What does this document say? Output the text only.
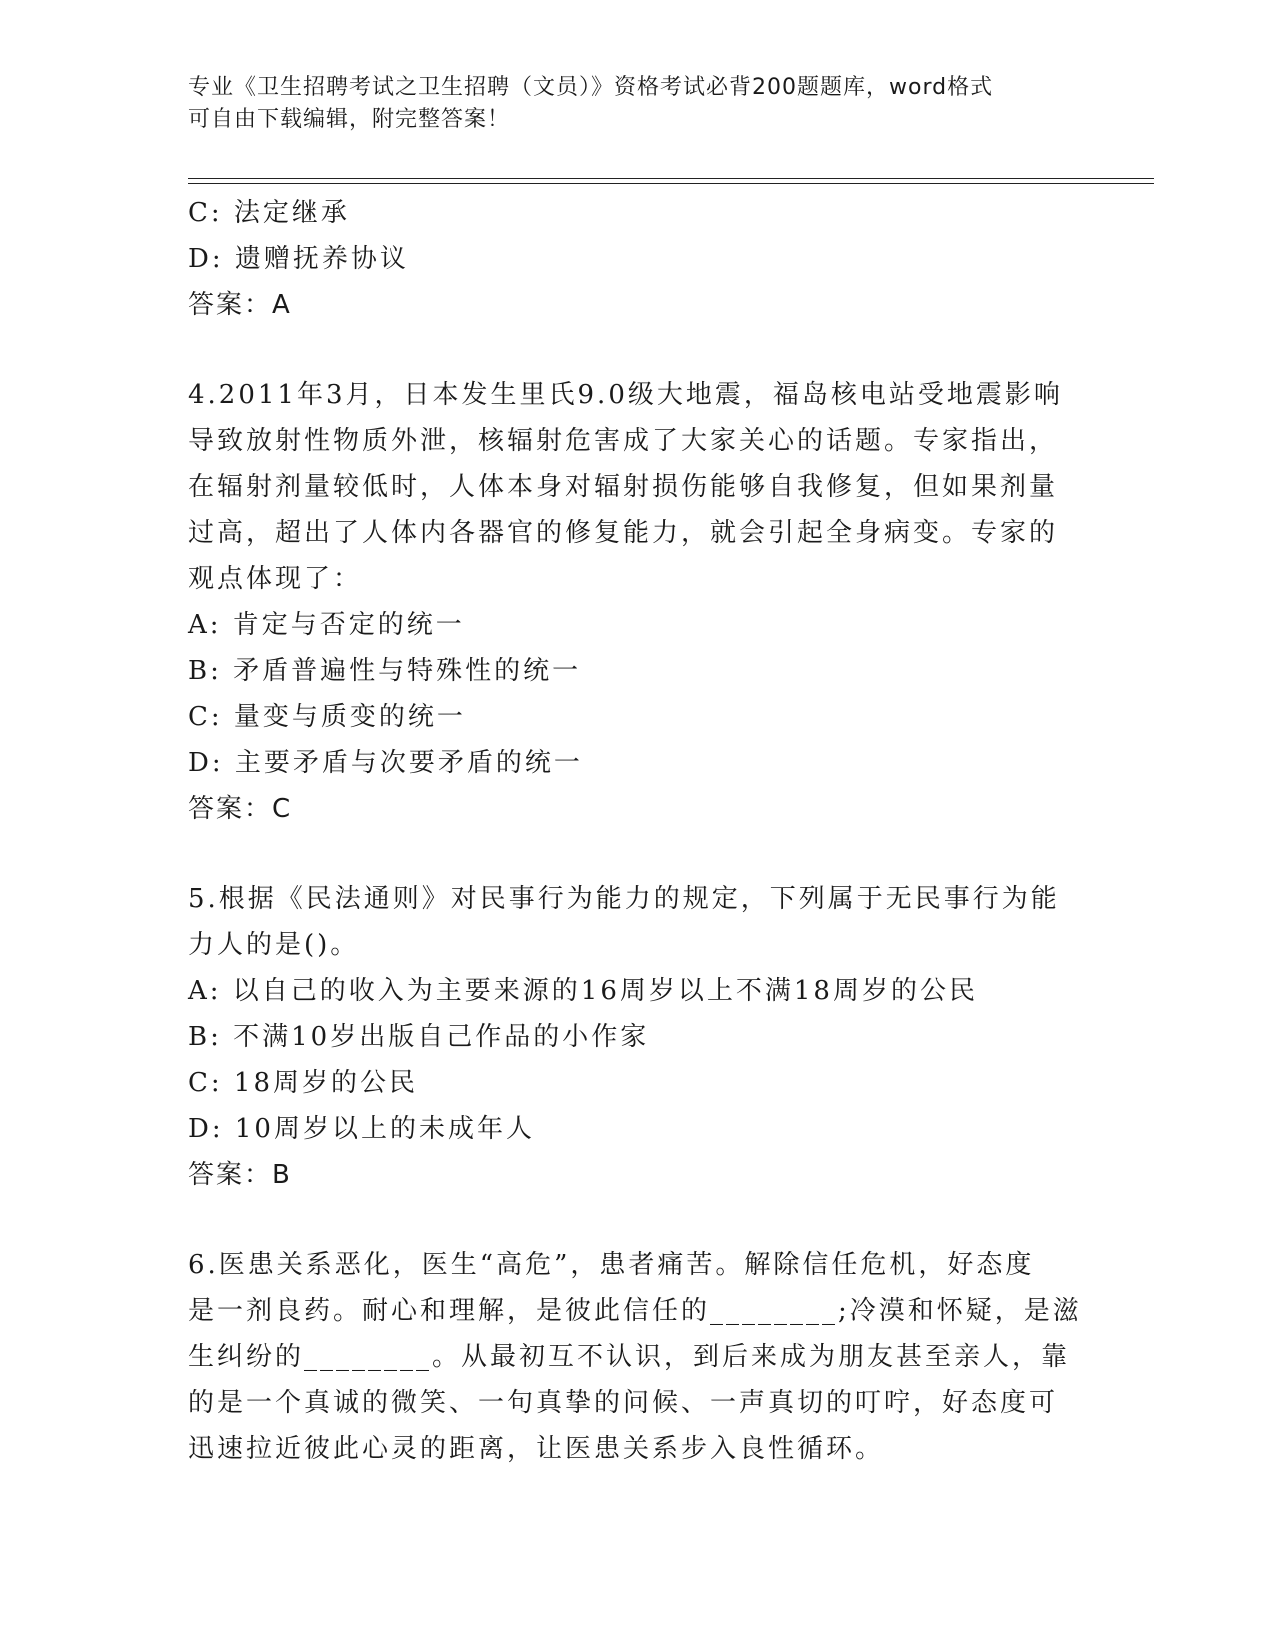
专业《卫生招聘考试之卫生招聘（文员）》资格考试必背200题题库，word格式
可自由下载编辑，附完整答案！
C: 法定继承
D: 遗赠抚养协议
答案：A
4.2011年3月，日本发生里氏9.0级大地震，福岛核电站受地震影响
导致放射性物质外泄，核辐射危害成了大家关心的话题。专家指出，
在辐射剂量较低时，人体本身对辐射损伤能够自我修复，但如果剂量
过高，超出了人体内各器官的修复能力，就会引起全身病变。专家的
观点体现了：
A: 肯定与否定的统一
B: 矛盾普遍性与特殊性的统一
C: 量变与质变的统一
D: 主要矛盾与次要矛盾的统一
答案：C
5.根据《民法通则》对民事行为能力的规定，下列属于无民事行为能
力人的是()。
A: 以自己的收入为主要来源的16周岁以上不满18周岁的公民
B: 不满10岁出版自己作品的小作家
C: 18周岁的公民
D: 10周岁以上的未成年人
答案：B
6.医患关系恶化，医生“高危”，患者痛苦。解除信任危机，好态度
是一剂良药。耐心和理解，是彼此信任的________;冷漠和怀疑，是滋
生纠纷的________。从最初互不认识，到后来成为朋友甚至亲人，靠
的是一个真诚的微笑、一句真挚的问候、一声真切的叮咛，好态度可
迅速拉近彼此心灵的距离，让医患关系步入良性循环。
